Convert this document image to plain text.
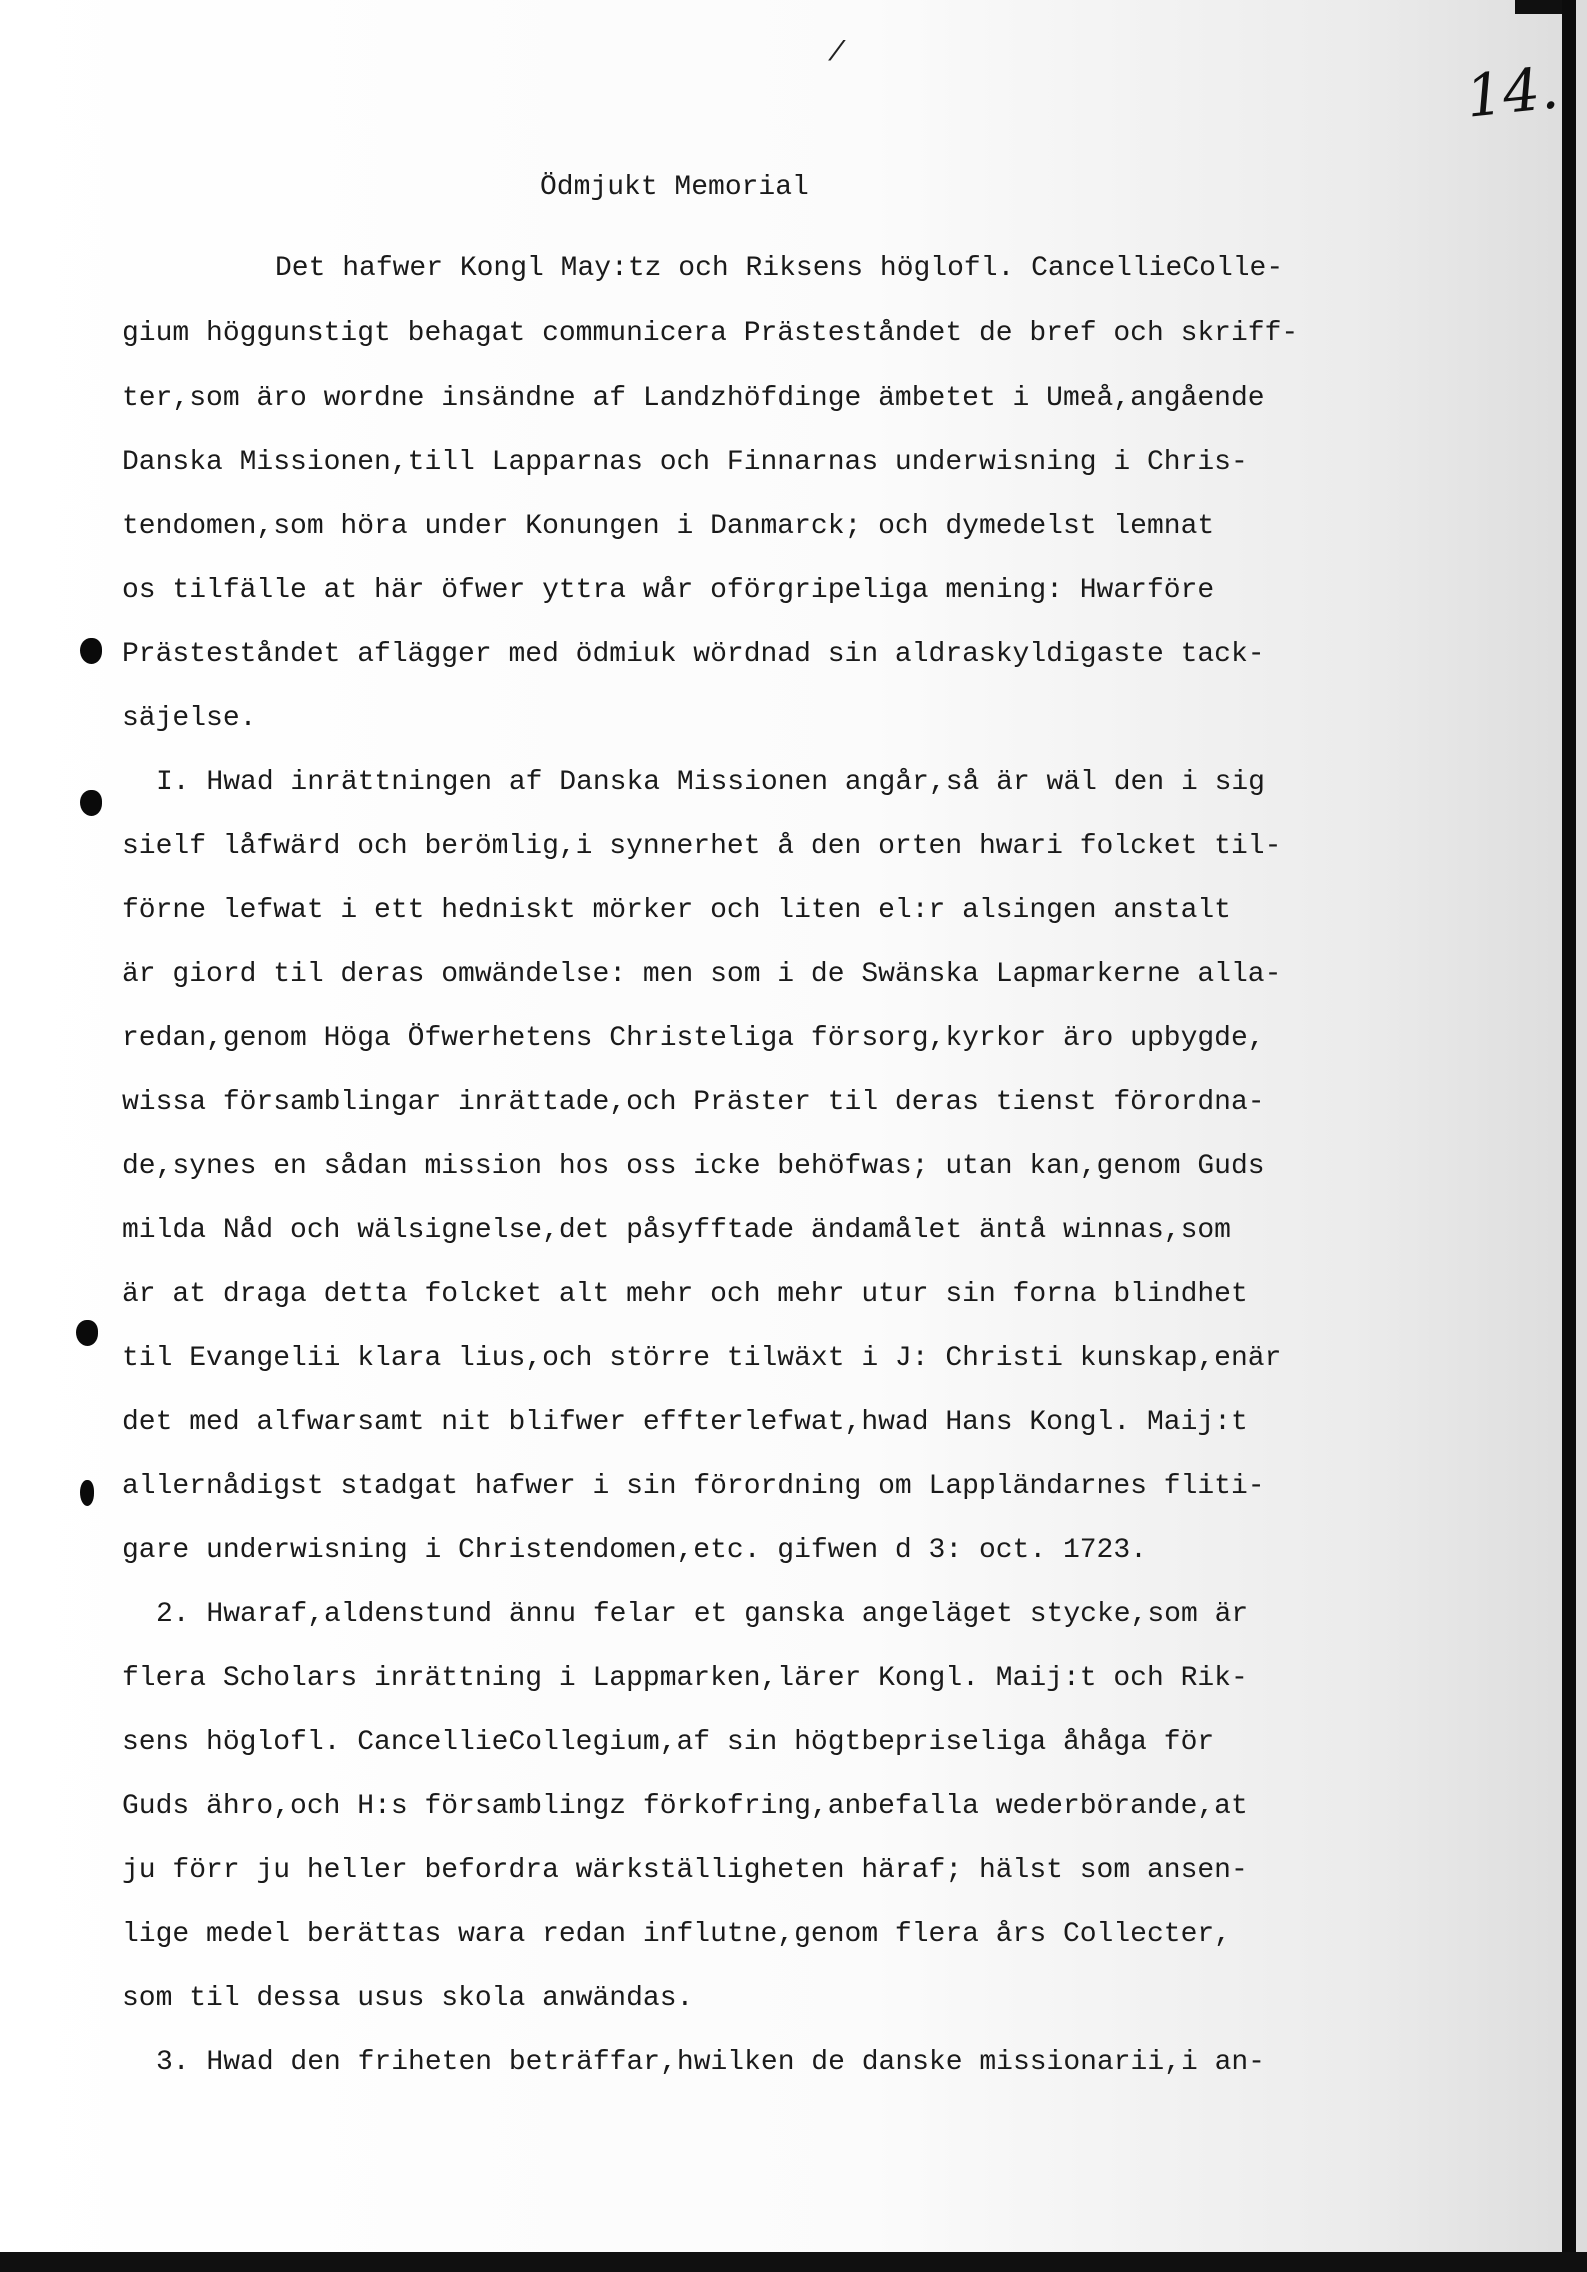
/	14.
Ödmjukt Memorial
Det hafwer Kongl May:tz och Riksens högl​ofl. CancellieColle-
gium höggunstigt behagat communicera Prästeståndet de bref och skriff-
ter,som äro wordne insändne af Landzhöfdinge ämbetet i Umeå,angående
Danska Missionen,till Lapparnas och Finnarnas underwisning i Chris-
tendomen,som höra under Konungen i Danmarck; och dymedelst lemnat
os tilfälle at här öfwer yttra wår oförgripeliga mening: Hwarföre
Prästeståndet aflägger med ödmiuk wördnad sin aldraskyldigaste tack-
säjelse.
I. Hwad inrättningen af Danska Missionen angår,så är wäl den i sig
sielf låfwärd och berömlig,i synnerhet å den orten hwari folcket til-
förne lefwat i ett hedniskt mörker och liten el:r alsingen anstalt
är giord til deras omwändelse: men som i de Swänska Lapmarkerne alla-
redan,genom Höga Öfwerhetens Christeliga försorg,kyrkor äro upbygde,
wissa församblingar inrättade,och Präster til deras tienst förordna-
de,synes en sådan mission hos oss icke behöfwas; utan kan,genom Guds
milda Nåd och wälsignelse,det påsyfftade ändamålet äntå winnas,som
är at draga detta folcket alt mehr och mehr utur sin forna blindhet
til Evangelii klara lius,och större tilwäxt i J: Christi kunskap,enär
det med alfwarsamt nit blifwer effterlefwat,hwad Hans Kongl. Maij:t
allernådigst stadgat hafwer i sin förordning om Lappländarnes fliti-
gare underwisning i Christendomen,etc. gifwen d 3: oct. 1723.
2. Hwaraf,aldenstund ännu felar et ganska angeläget stycke,som är
flera Scholars inrättning i Lappmarken,lärer Kongl. Maij:t och Rik-
sens höglofl. CancellieCollegium,af sin högtbepriseliga åhåga för
Guds ähro,och H:s församblingz förkofring,anbefalla wederbörande,at
ju förr ju heller befordra wärkställigheten häraf; hälst som ansen-
lige medel berättas wara redan influtne,genom flera års Collecter,
som til dessa usus skola anwändas.
3. Hwad den friheten beträffar,hwilken de danske missionarii,i an-
